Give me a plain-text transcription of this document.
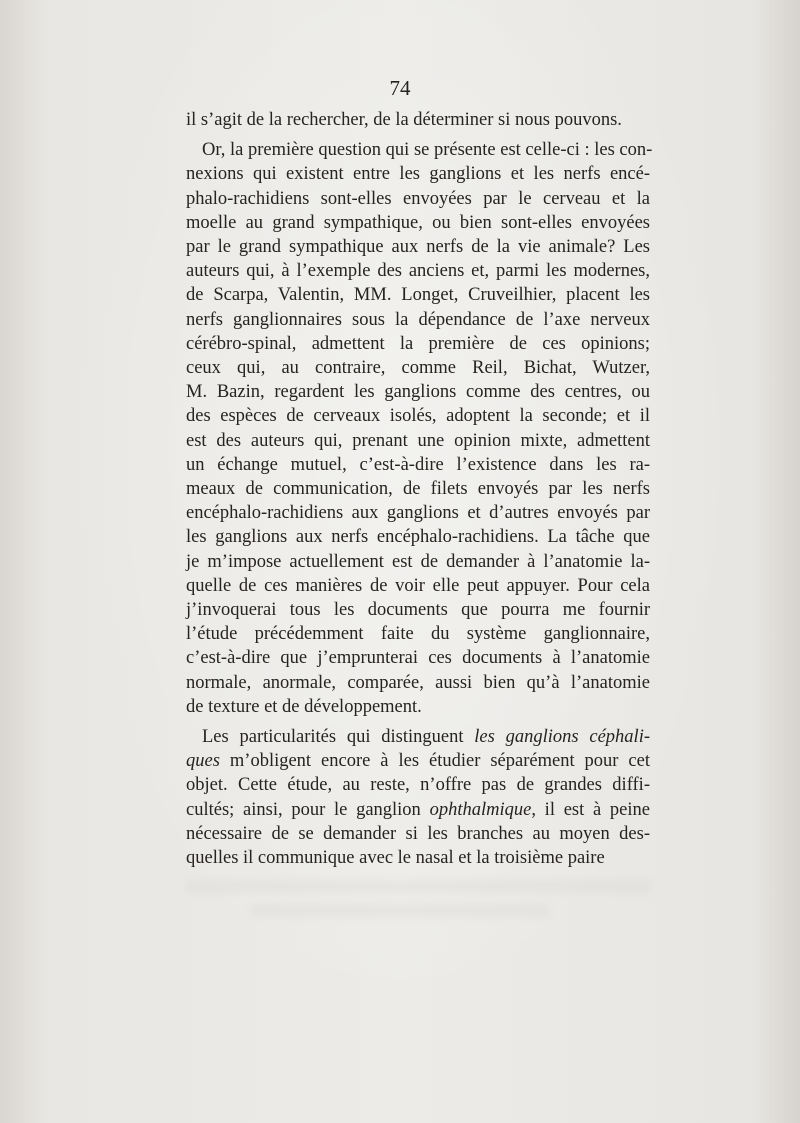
74
il s’agit de la rechercher, de la déterminer si nous pouvons.
Or, la première question qui se présente est celle-ci : les con-
nexions qui existent entre les ganglions et les nerfs encé-
phalo-rachidiens sont-elles envoyées par le cerveau et la
moelle au grand sympathique, ou bien sont-elles envoyées
par le grand sympathique aux nerfs de la vie animale? Les
auteurs qui, à l’exemple des anciens et, parmi les modernes,
de Scarpa, Valentin, MM. Longet, Cruveilhier, placent les
nerfs ganglionnaires sous la dépendance de l’axe nerveux
cérébro-spinal, admettent la première de ces opinions;
ceux qui, au contraire, comme Reil, Bichat, Wutzer,
M. Bazin, regardent les ganglions comme des centres, ou
des espèces de cerveaux isolés, adoptent la seconde; et il
est des auteurs qui, prenant une opinion mixte, admettent
un échange mutuel, c’est-à-dire l’existence dans les ra-
meaux de communication, de filets envoyés par les nerfs
encéphalo-rachidiens aux ganglions et d’autres envoyés par
les ganglions aux nerfs encéphalo-rachidiens. La tâche que
je m’impose actuellement est de demander à l’anatomie la-
quelle de ces manières de voir elle peut appuyer. Pour cela
j’invoquerai tous les documents que pourra me fournir
l’étude précédemment faite du système ganglionnaire,
c’est-à-dire que j’emprunterai ces documents à l’anatomie
normale, anormale, comparée, aussi bien qu’à l’anatomie
de texture et de développement.
Les particularités qui distinguent les ganglions céphali-
ques m’obligent encore à les étudier séparément pour cet
objet. Cette étude, au reste, n’offre pas de grandes diffi-
cultés; ainsi, pour le ganglion ophthalmique, il est à peine
nécessaire de se demander si les branches au moyen des-
quelles il communique avec le nasal et la troisième paire
